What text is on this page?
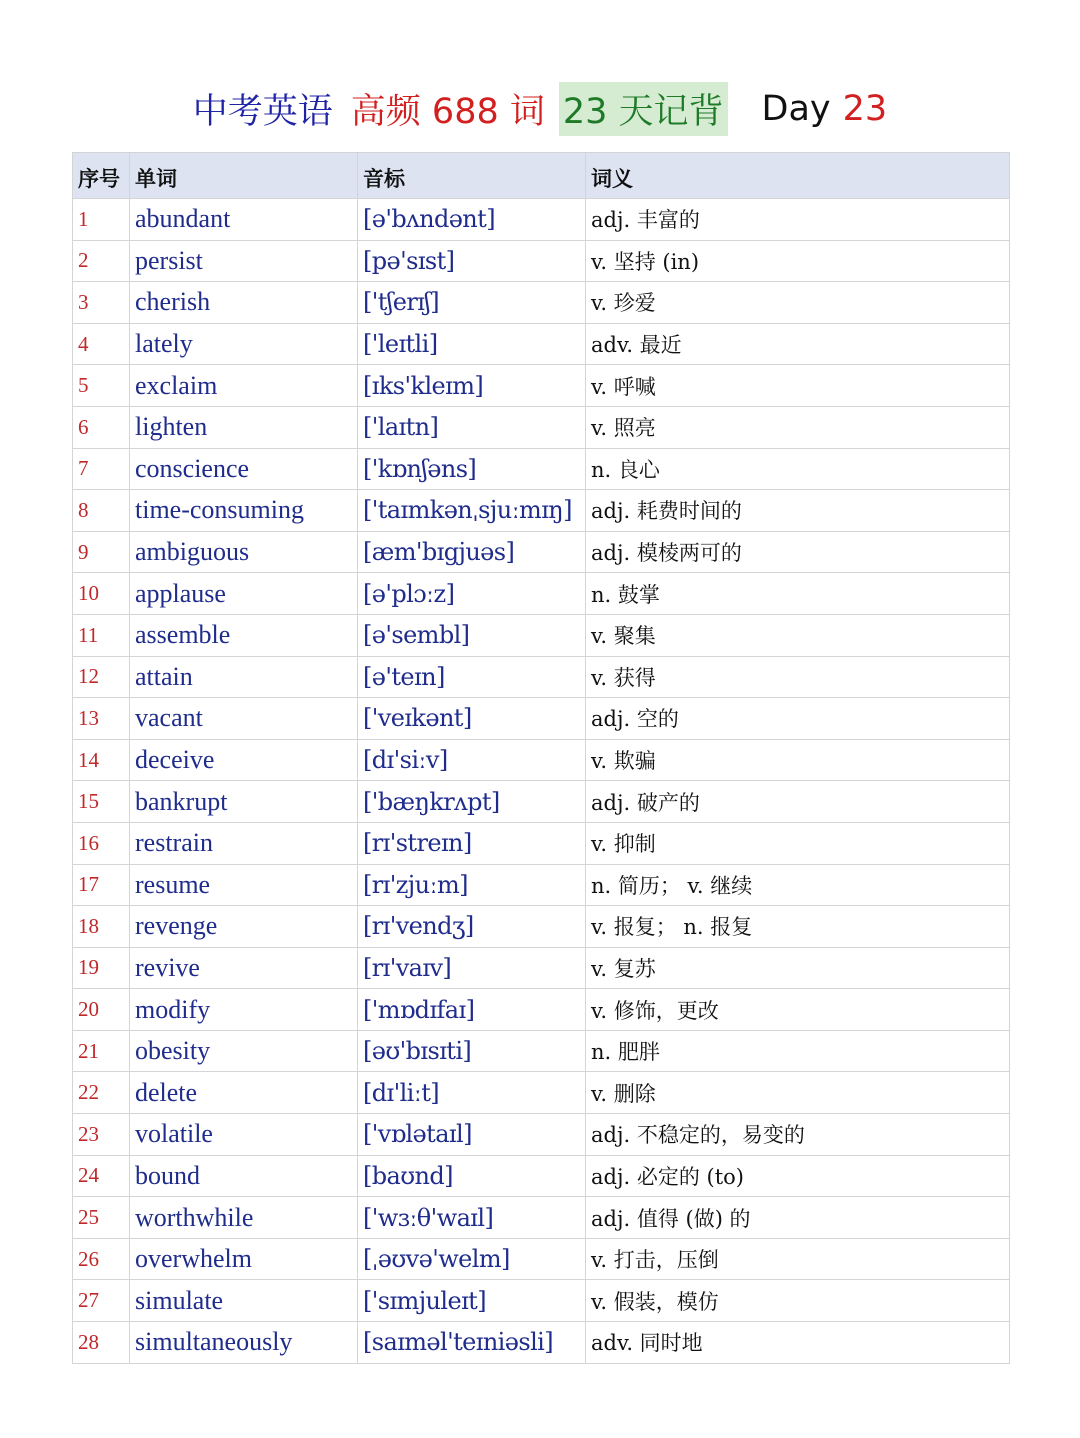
中考英语 高频 688 词 23 天记背 Day 23
序号	单词	音标	词义
1	abundant	[ə'bʌndənt]	adj. 丰富的
2	persist	[pə'sɪst]	v. 坚持 (in)
3	cherish	['tʃerɪʃ]	v. 珍爱
4	lately	['leɪtli]	adv. 最近
5	exclaim	[ɪks'kleɪm]	v. 呼喊
6	lighten	['laɪtn]	v. 照亮
7	conscience	['kɒnʃəns]	n. 良心
8	time-consuming	['taɪmkənˌsjuːmɪŋ]	adj. 耗费时间的
9	ambiguous	[æm'bɪgjuəs]	adj. 模棱两可的
10	applause	[ə'plɔːz]	n. 鼓掌
11	assemble	[ə'sembl]	v. 聚集
12	attain	[ə'teɪn]	v. 获得
13	vacant	['veɪkənt]	adj. 空的
14	deceive	[dɪ'siːv]	v. 欺骗
15	bankrupt	['bæŋkrʌpt]	adj. 破产的
16	restrain	[rɪ'streɪn]	v. 抑制
17	resume	[rɪ'zjuːm]	n. 简历； v. 继续
18	revenge	[rɪ'vendʒ]	v. 报复； n. 报复
19	revive	[rɪ'vaɪv]	v. 复苏
20	modify	['mɒdɪfaɪ]	v. 修饰，更改
21	obesity	[əʊ'bɪsɪti]	n. 肥胖
22	delete	[dɪ'liːt]	v. 删除
23	volatile	['vɒlətaɪl]	adj. 不稳定的，易变的
24	bound	[baʊnd]	adj. 必定的 (to)
25	worthwhile	['wɜːθ'waɪl]	adj. 值得 (做) 的
26	overwhelm	[ˌəʊvə'welm]	v. 打击，压倒
27	simulate	['sɪmjuleɪt]	v. 假装，模仿
28	simultaneously	[saɪməl'teɪniəsli]	adv. 同时地
